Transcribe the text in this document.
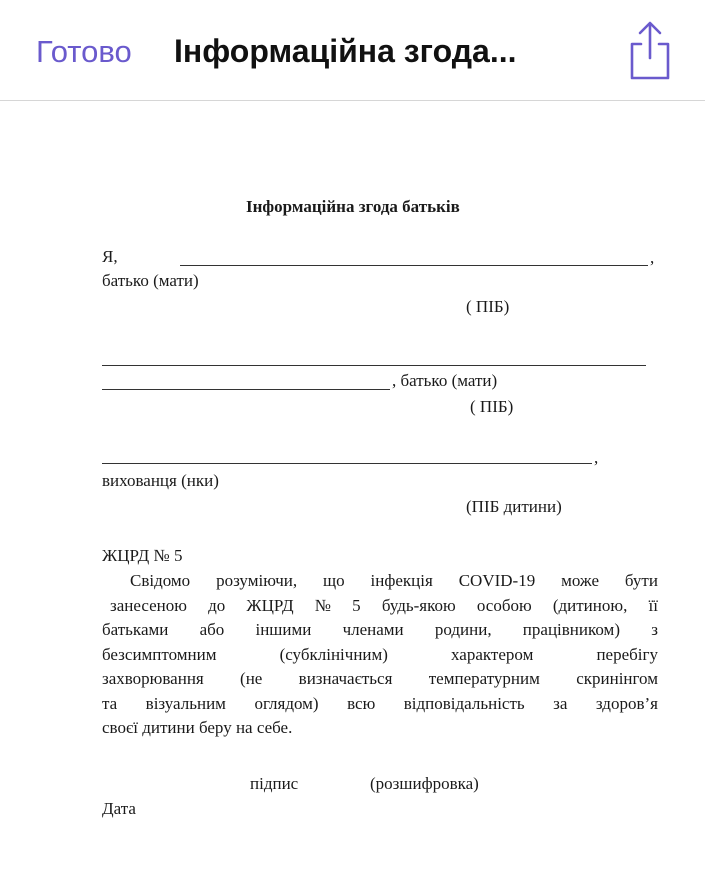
Готово Інформаційна згода...
Інформаційна згода батьків
Я,	,
батько (мати)
( ПІБ)
, батько (мати)
( ПІБ)
,
вихованця (нки)
(ПІБ дитини)
ЖЦРД № 5
Свідомо розуміючи, що інфекція COVID-19 може бути
занесеною до ЖЦРД № 5 будь-якою особою (дитиною, її
батьками або іншими членами родини, працівником) з
безсимптомним	(субклінічним)	характером	перебігу
захворювання (не визначається температурним скринінгом
та візуальним оглядом) всю відповідальність за здоров’я
своєї дитини беру на себе.
підпис	(розшифровка)
Дата
